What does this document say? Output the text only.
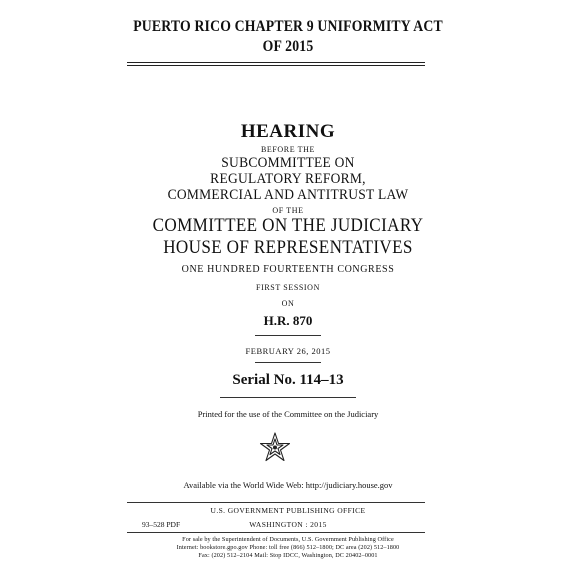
PUERTO RICO CHAPTER 9 UNIFORMITY ACT
OF 2015
HEARING
BEFORE THE
SUBCOMMITTEE ON
REGULATORY REFORM,
COMMERCIAL AND ANTITRUST LAW
OF THE
COMMITTEE ON THE JUDICIARY
HOUSE OF REPRESENTATIVES
ONE HUNDRED FOURTEENTH CONGRESS
FIRST SESSION
ON
H.R. 870
FEBRUARY 26, 2015
Serial No. 114–13
Printed for the use of the Committee on the Judiciary
Available via the World Wide Web: http://judiciary.house.gov
U.S. GOVERNMENT PUBLISHING OFFICE
93–528 PDF	WASHINGTON : 2015
For sale by the Superintendent of Documents, U.S. Government Publishing Office
Internet: bookstore.gpo.gov Phone: toll free (866) 512–1800; DC area (202) 512–1800
Fax: (202) 512–2104 Mail: Stop IDCC, Washington, DC 20402–0001
